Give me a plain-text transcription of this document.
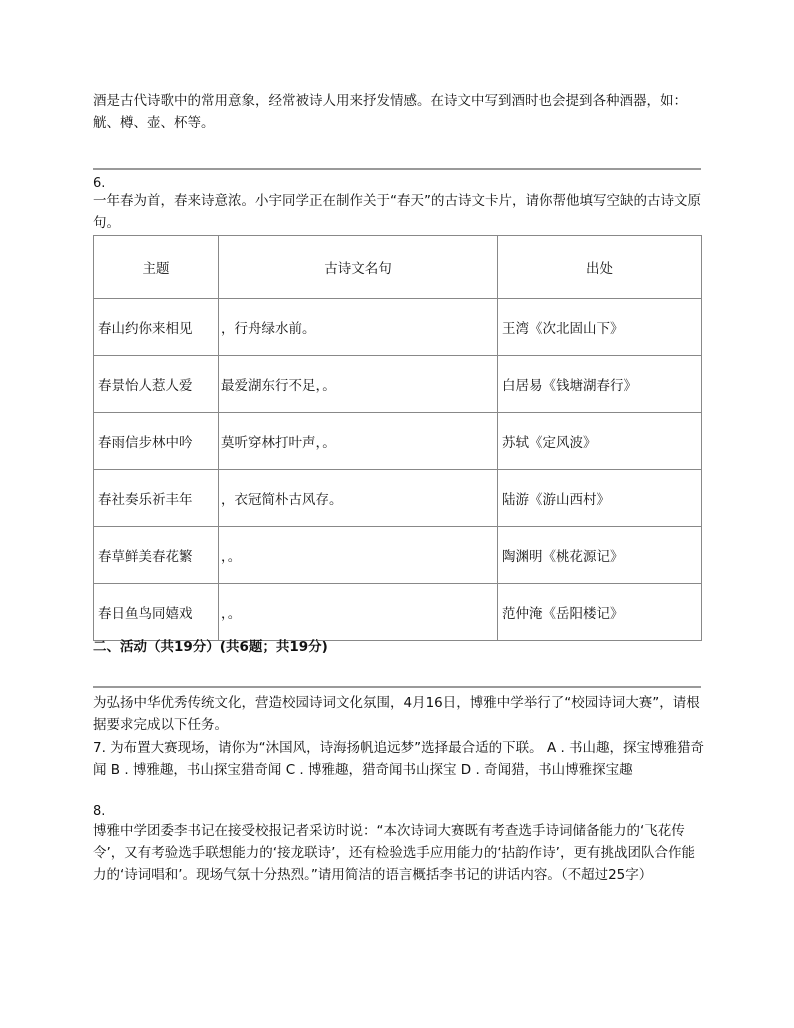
酒是古代诗歌中的常用意象，经常被诗人用来抒发情感。在诗文中写到酒时也会提到各种酒器，如：觥、樽、壶、杯等。

6.

一年春为首，春来诗意浓。小宇同学正在制作关于“春天”的古诗文卡片，请你帮他填写空缺的古诗文原句。

主题	古诗文名句	出处
春山约你来相见	，行舟绿水前。	王湾《次北固山下》
春景怡人惹人爱	最爱湖东行不足，。	白居易《钱塘湖春行》
春雨信步林中吟	莫听穿林打叶声，。	苏轼《定风波》
春社奏乐祈丰年	，衣冠简朴古风存。	陆游《游山西村》
春草鲜美春花繁	，。	陶渊明《桃花源记》
春日鱼鸟同嬉戏	，。	范仲淹《岳阳楼记》
二、活动（共19分）(共6题；共19分)

为弘扬中华优秀传统文化，营造校园诗词文化氛围，4月16日，博雅中学举行了“校园诗词大赛”，请根据要求完成以下任务。

7. 为布置大赛现场，请你为“沐国风，诗海扬帆追远梦”选择最合适的下联。 A . 书山趣，探宝博雅猎奇闻 B . 博雅趣，书山探宝猎奇闻 C . 博雅趣，猎奇闻书山探宝 D . 奇闻猎，书山博雅探宝趣

8.

博雅中学团委李书记在接受校报记者采访时说：“本次诗词大赛既有考查选手诗词储备能力的‘飞花传令’，又有考验选手联想能力的‘接龙联诗’，还有检验选手应用能力的‘拈韵作诗’，更有挑战团队合作能力的‘诗词唱和’。现场气氛十分热烈。”请用简洁的语言概括李书记的讲话内容。（不超过25字）
